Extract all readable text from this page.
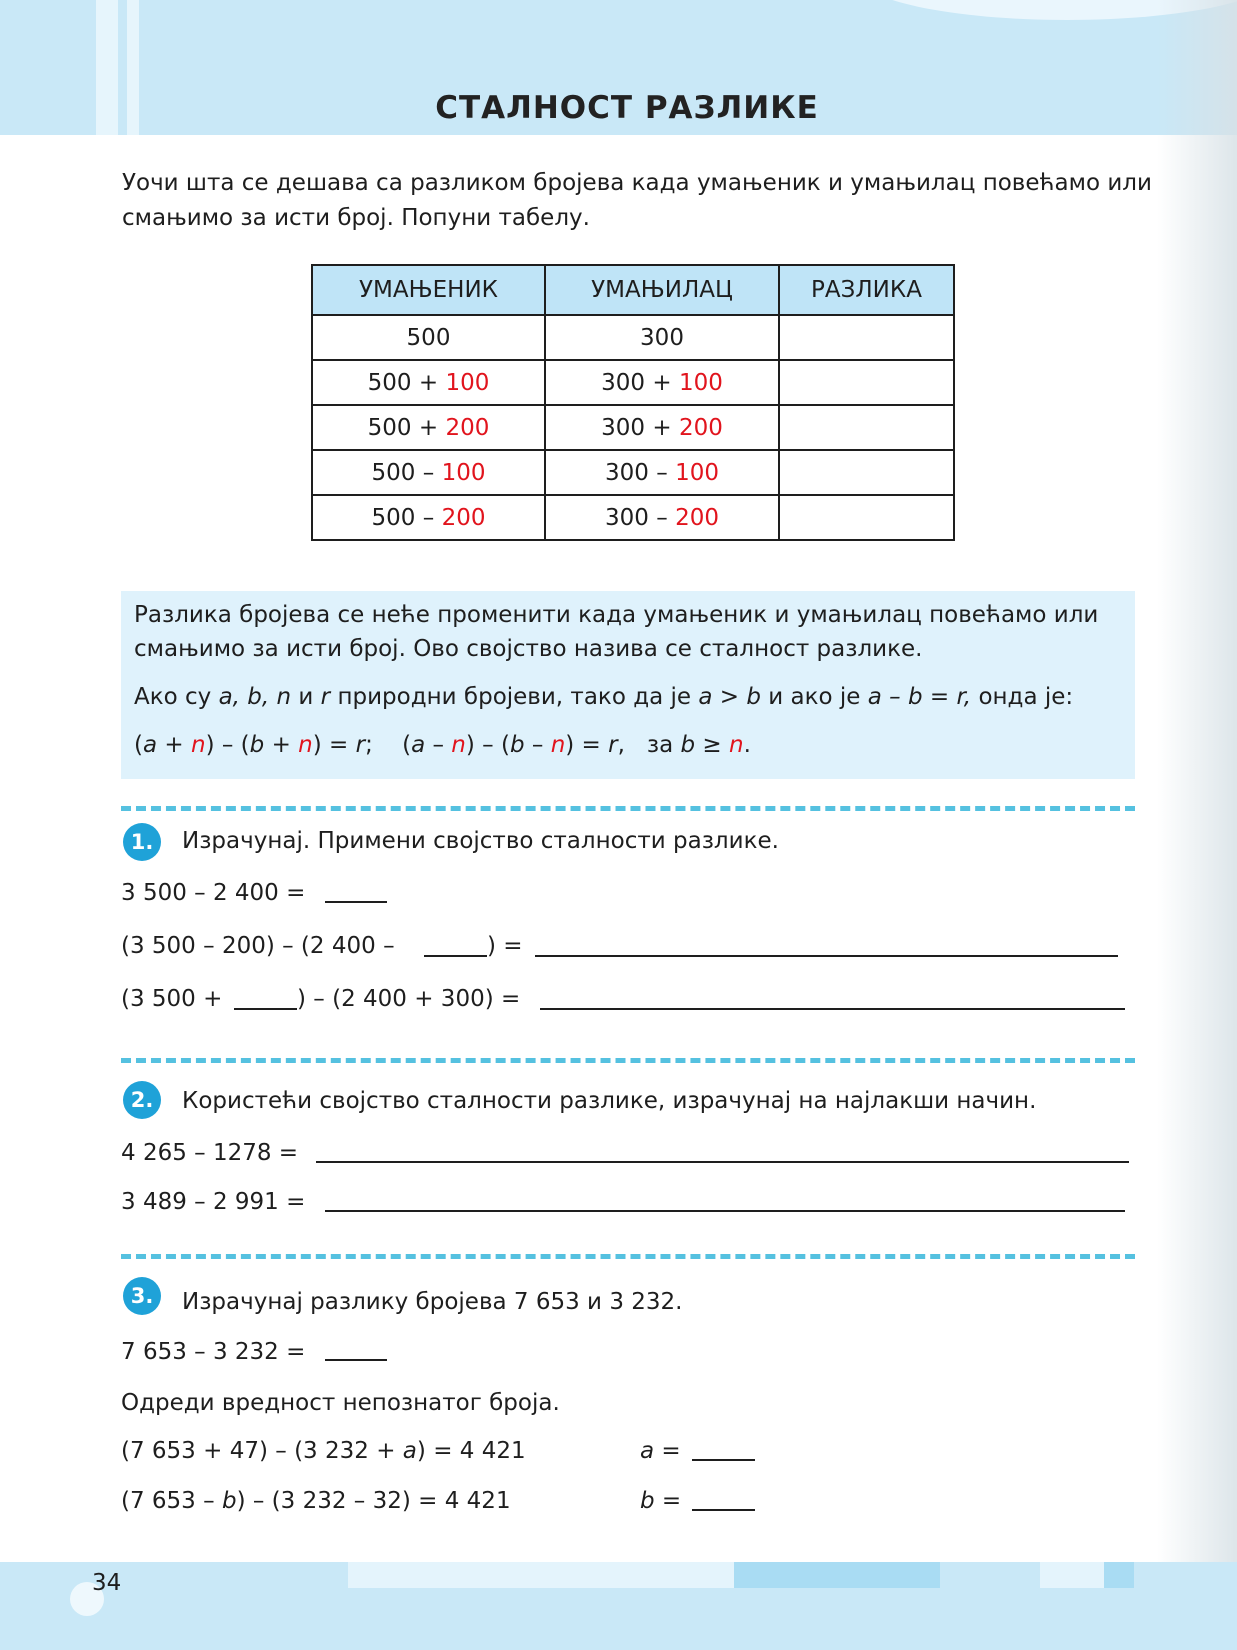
СТАЛНОСТ РАЗЛИКЕ
Уочи шта се дешава са разликом бројева када умањеник и умањилац повећамо или
смањимо за исти број. Попуни табелу.
УМАЊЕНИК	УМАЊИЛАЦ	РАЗЛИКА
500	300	
500 + 100	300 + 100	
500 + 200	300 + 200	
500 – 100	300 – 100	
500 – 200	300 – 200	
Разлика бројева се неће променити када умањеник и умањилац повећамо или
смањимо за исти број. Ово својство назива се сталност разлике.
Ако су a, b, n и r природни бројеви, тако да је a > b и ако је a – b = r, онда је:
(a + n) – (b + n) = r;    (a – n) – (b – n) = r,   за b ≥ n.
1.	Израчунај. Примени својство сталности разлике.
3 500 – 2 400 =
(3 500 – 200) – (2 400 –	) =
(3 500 +	) – (2 400 + 300) =
2.	Користећи својство сталности разлике, израчунај на најлакши начин.
4 265 – 1278 =
3 489 – 2 991 =
3.	Израчунај разлику бројева 7 653 и 3 232.
7 653 – 3 232 =
Одреди вредност непознатог броја.
(7 653 + 47) – (3 232 + a) = 4 421	a =
(7 653 – b) – (3 232 – 32) = 4 421	b =
34
